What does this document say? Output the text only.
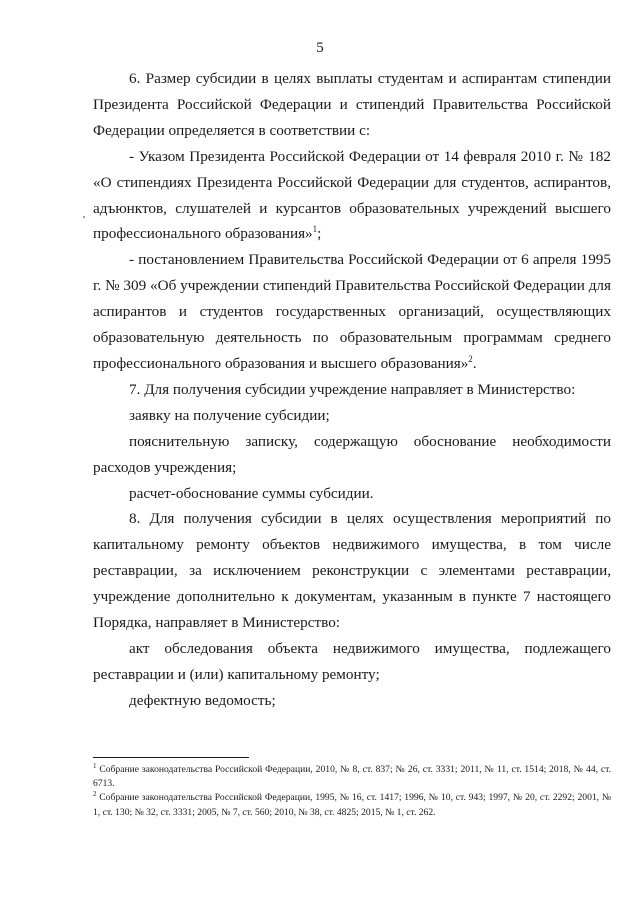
5

6. Размер субсидии в целях выплаты студентам и аспирантам стипендии Президента Российской Федерации и стипендий Правительства Российской Федерации определяется в соответствии с:

- Указом Президента Российской Федерации от 14 февраля 2010 г. № 182 «О стипендиях Президента Российской Федерации для студентов, аспирантов, адъюнктов, слушателей и курсантов образовательных учреждений высшего профессионального образования»$^1$;

- постановлением Правительства Российской Федерации от 6 апреля 1995 г. № 309 «Об учреждении стипендий Правительства Российской Федерации для аспирантов и студентов государственных организаций, осуществляющих образовательную деятельность по образовательным программам среднего профессионального образования и высшего образования»$^2$.

7. Для получения субсидии учреждение направляет в Министерство:

заявку на получение субсидии;

пояснительную записку, содержащую обоснование необходимости расходов учреждения;

расчет-обоснование суммы субсидии.

8. Для получения субсидии в целях осуществления мероприятий по капитальному ремонту объектов недвижимого имущества, в том числе реставрации, за исключением реконструкции с элементами реставрации, учреждение дополнительно к документам, указанным в пункте 7 настоящего Порядка, направляет в Министерство:

акт обследования объекта недвижимого имущества, подлежащего реставрации и (или) капитальному ремонту;

дефектную ведомость;

$^1$ Собрание законодательства Российской Федерации, 2010, № 8, ст. 837; № 26, ст. 3331; 2011, № 11, ст. 1514; 2018, № 44, ст. 6713.

$^2$ Собрание законодательства Российской Федерации, 1995, № 16, ст. 1417; 1996, № 10, ст. 943; 1997, № 20, ст. 2292; 2001, № 1, ст. 130; № 32, ст. 3331; 2005, № 7, ст. 560; 2010, № 38, ст. 4825; 2015, № 1, ст. 262.
